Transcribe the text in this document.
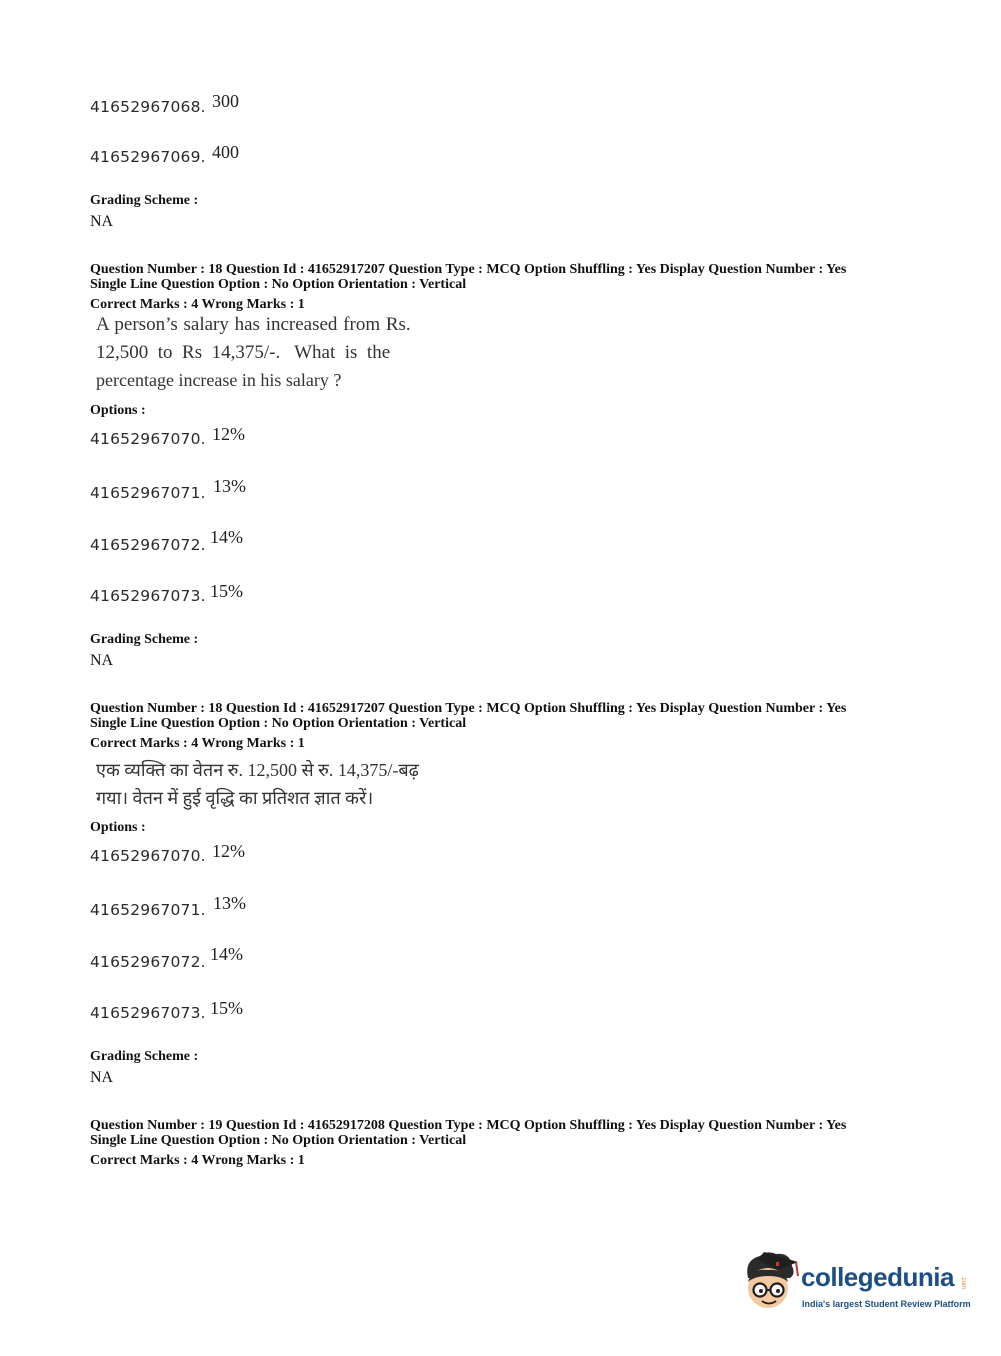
41652967068. 300
41652967069. 400
Grading Scheme :
NA
Question Number : 18 Question Id : 41652917207 Question Type : MCQ Option Shuffling : Yes Display Question Number : Yes
Single Line Question Option : No Option Orientation : Vertical
Correct Marks : 4 Wrong Marks : 1
A person’s salary has increased from Rs.
12,500  to  Rs  14,375/-.   What  is  the
percentage increase in his salary ?
Options :
41652967070. 12%
41652967071. 13%
41652967072. 14%
41652967073. 15%
Grading Scheme :
NA
Question Number : 18 Question Id : 41652917207 Question Type : MCQ Option Shuffling : Yes Display Question Number : Yes
Single Line Question Option : No Option Orientation : Vertical
Correct Marks : 4 Wrong Marks : 1
एक व्यक्ति का वेतन रु. 12,500 से रु. 14,375/-बढ़
गया। वेतन में हुई वृद्धि का प्रतिशत ज्ञात करें।
Options :
41652967070. 12%
41652967071. 13%
41652967072. 14%
41652967073. 15%
Grading Scheme :
NA
Question Number : 19 Question Id : 41652917208 Question Type : MCQ Option Shuffling : Yes Display Question Number : Yes
Single Line Question Option : No Option Orientation : Vertical
Correct Marks : 4 Wrong Marks : 1
collegedunia .com
India's largest Student Review Platform
